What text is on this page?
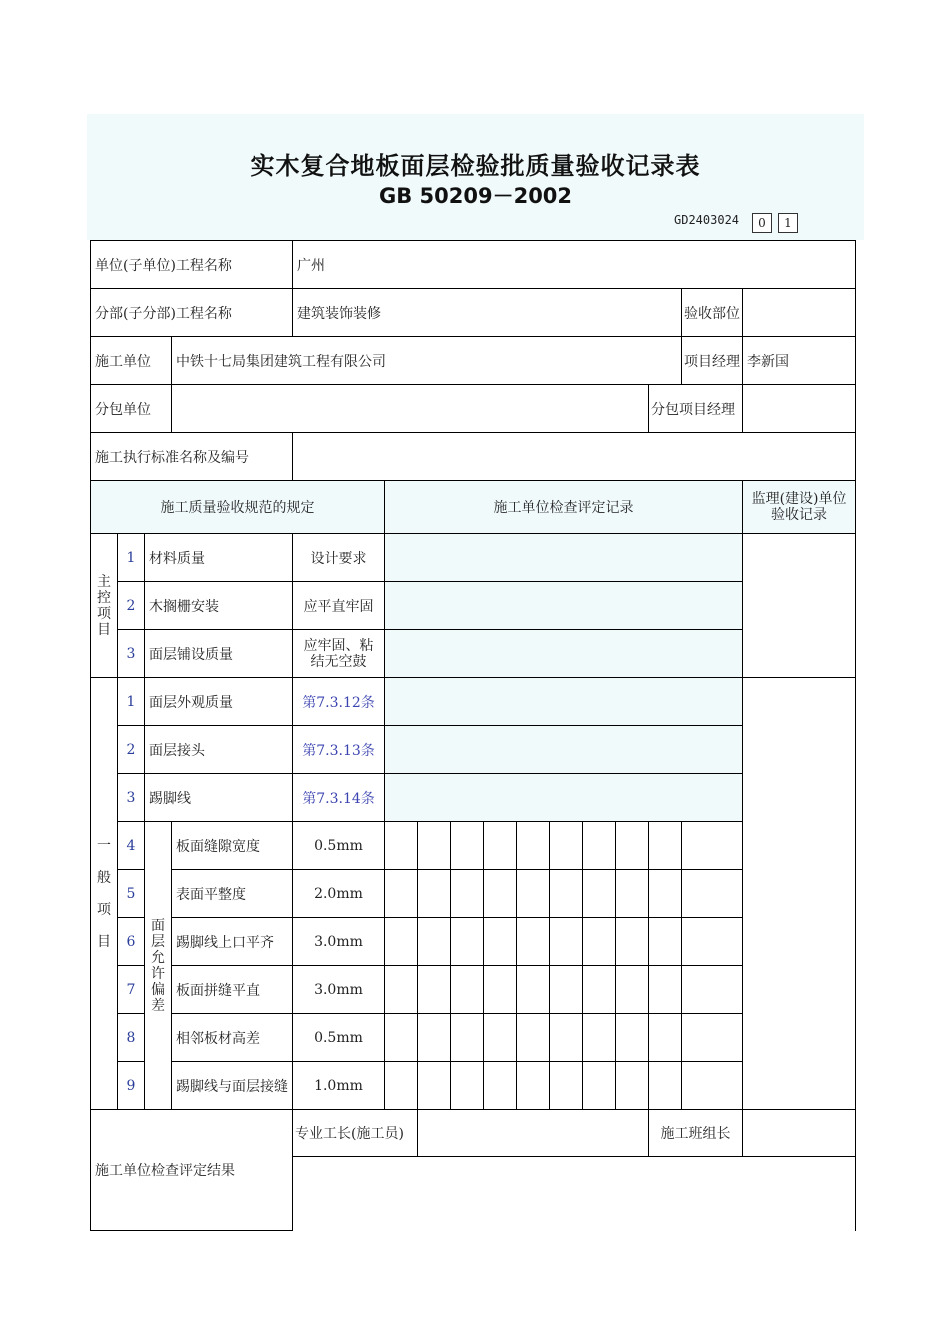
实木复合地板面层检验批质量验收记录表
GB 50209－2002
GD2403024	0	1
单位(子单位)工程名称				广州											
分部(子分部)工程名称				建筑装饰装修										验收部位	
施工单位			中铁十七局集团建筑工程有限公司											项目经理	李新国
分包单位													分包项目经理		
施工执行标准名称及编号															
施工质量验收规范的规定					施工单位检查评定记录										监理(建设)单位验收记录
主控项目	1	材料质量		设计要求											
	2	木搁栅安装		应平直牢固											
	3	面层铺设质量		应牢固、粘结无空鼓											
一般项目	1	面层外观质量		第7.3.12条											
	2	面层接头		第7.3.13条											
	3	踢脚线		第7.3.14条											
	4	面层允许偏差	板面缝隙宽度	0.5mm											
	5		表面平整度	2.0mm											
	6		踢脚线上口平齐	3.0mm											
	7		板面拼缝平直	3.0mm											
	8		相邻板材高差	0.5mm											
	9		踢脚线与面层接缝	1.0mm											
施工单位检查评定结果				专业工长(施工员)									施工班组长		
